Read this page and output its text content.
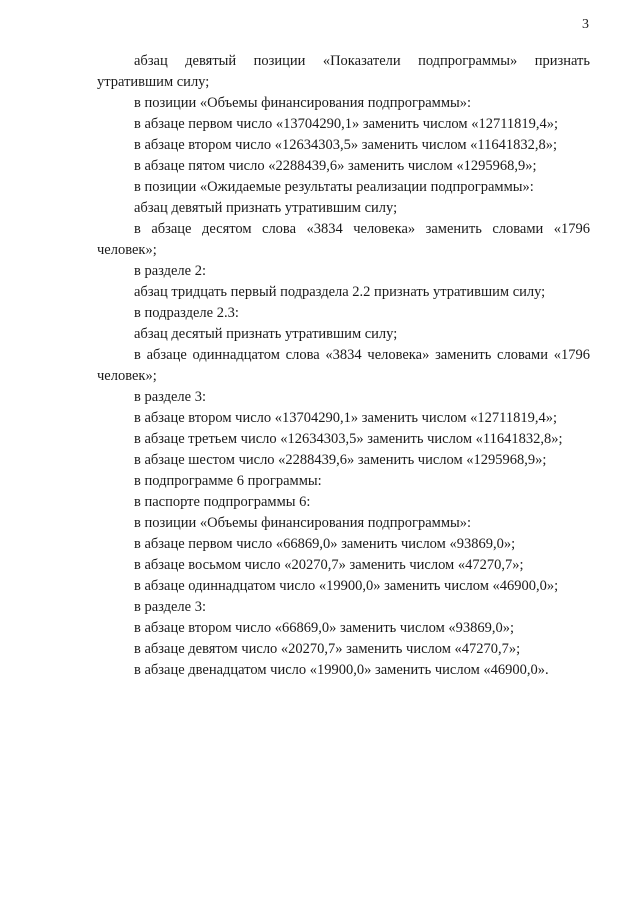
3

абзац девятый позиции «Показатели подпрограммы» признать утратившим силу;

в позиции «Объемы финансирования подпрограммы»:

в абзаце первом число «13704290,1» заменить числом «12711819,4»;

в абзаце втором число «12634303,5» заменить числом «11641832,8»;

в абзаце пятом число «2288439,6» заменить числом «1295968,9»;

в позиции «Ожидаемые результаты реализации подпрограммы»:

абзац девятый признать утратившим силу;

в абзаце десятом слова «3834 человека» заменить словами «1796 человек»;

в разделе 2:

абзац тридцать первый подраздела 2.2 признать утратившим силу;

в подразделе 2.3:

абзац десятый признать утратившим силу;

в абзаце одиннадцатом слова «3834 человека» заменить словами «1796 человек»;

в разделе 3:

в абзаце втором число «13704290,1» заменить числом «12711819,4»;

в абзаце третьем число «12634303,5» заменить числом «11641832,8»;

в абзаце шестом число «2288439,6» заменить числом «1295968,9»;

в подпрограмме 6 программы:

в паспорте подпрограммы 6:

в позиции «Объемы финансирования подпрограммы»:

в абзаце первом число «66869,0» заменить числом «93869,0»;

в абзаце восьмом число «20270,7» заменить числом «47270,7»;

в абзаце одиннадцатом число «19900,0» заменить числом «46900,0»;

в разделе 3:

в абзаце втором число «66869,0» заменить числом «93869,0»;

в абзаце девятом число «20270,7» заменить числом «47270,7»;

в абзаце двенадцатом число «19900,0» заменить числом «46900,0».
